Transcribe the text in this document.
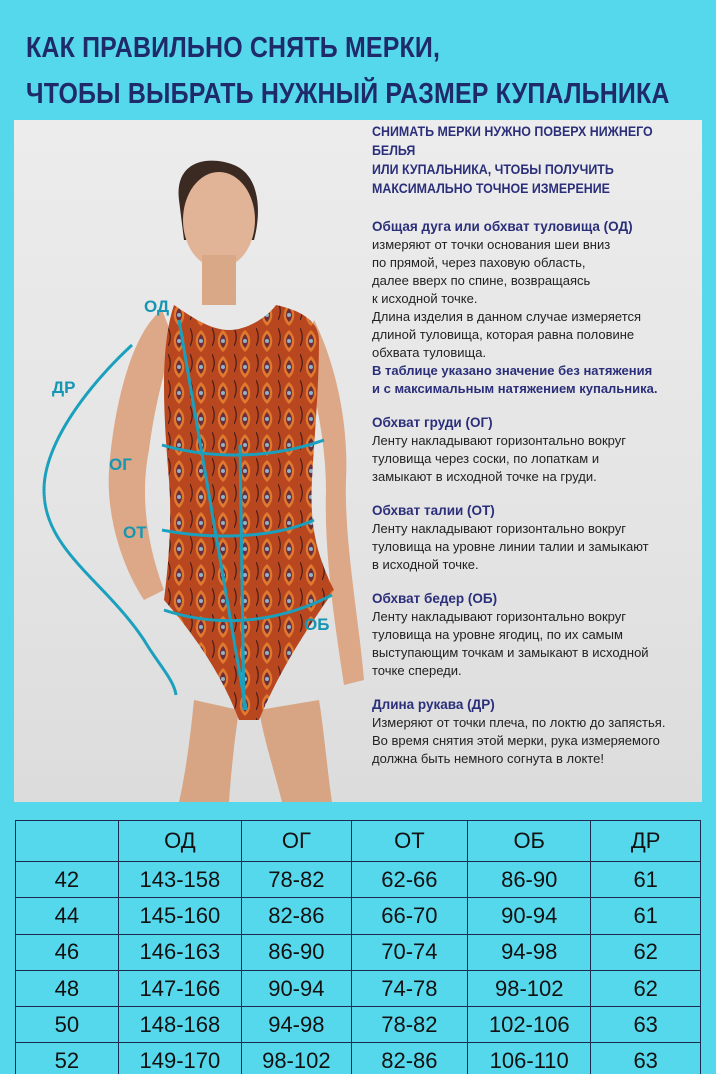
КАК ПРАВИЛЬНО СНЯТЬ МЕРКИ,
ЧТОБЫ ВЫБРАТЬ НУЖНЫЙ РАЗМЕР КУПАЛЬНИКА
ОД
ДР
ОГ
ОТ
ОБ
СНИМАТЬ МЕРКИ НУЖНО ПОВЕРХ НИЖНЕГО БЕЛЬЯ
ИЛИ КУПАЛЬНИКА, ЧТОБЫ ПОЛУЧИТЬ
МАКСИМАЛЬНО ТОЧНОЕ ИЗМЕРЕНИЕ
Общая дуга или обхват туловища (ОД)

измеряют от точки основания шеи вниз

по прямой, через паховую область,

далее вверх по спине, возвращаясь

к исходной точке.

Длина изделия в данном случае измеряется

длиной туловища, которая равна половине

обхвата туловища.

В таблице указано значение без натяжения

и с максимальным натяжением купальника.

Обхват груди (ОГ)

Ленту накладывают горизонтально вокруг

туловища через соски, по лопаткам и

замыкают в исходной точке на груди.

Обхват талии (ОТ)

Ленту накладывают горизонтально вокруг

туловища на уровне линии талии и замыкают

в исходной точке.

Обхват бедер (ОБ)

Ленту накладывают горизонтально вокруг

туловища на уровне ягодиц, по их самым

выступающим точкам и замыкают в исходной

точке спереди.

Длина рукава (ДР)

Измеряют от точки плеча, по локтю до запястья.

Во время снятия этой мерки, рука измеряемого

должна быть немного согнута в локте!

	ОД	ОГ	ОТ	ОБ	ДР
42	143-158	78-82	62-66	86-90	61
44	145-160	82-86	66-70	90-94	61
46	146-163	86-90	70-74	94-98	62
48	147-166	90-94	74-78	98-102	62
50	148-168	94-98	78-82	102-106	63
52	149-170	98-102	82-86	106-110	63
